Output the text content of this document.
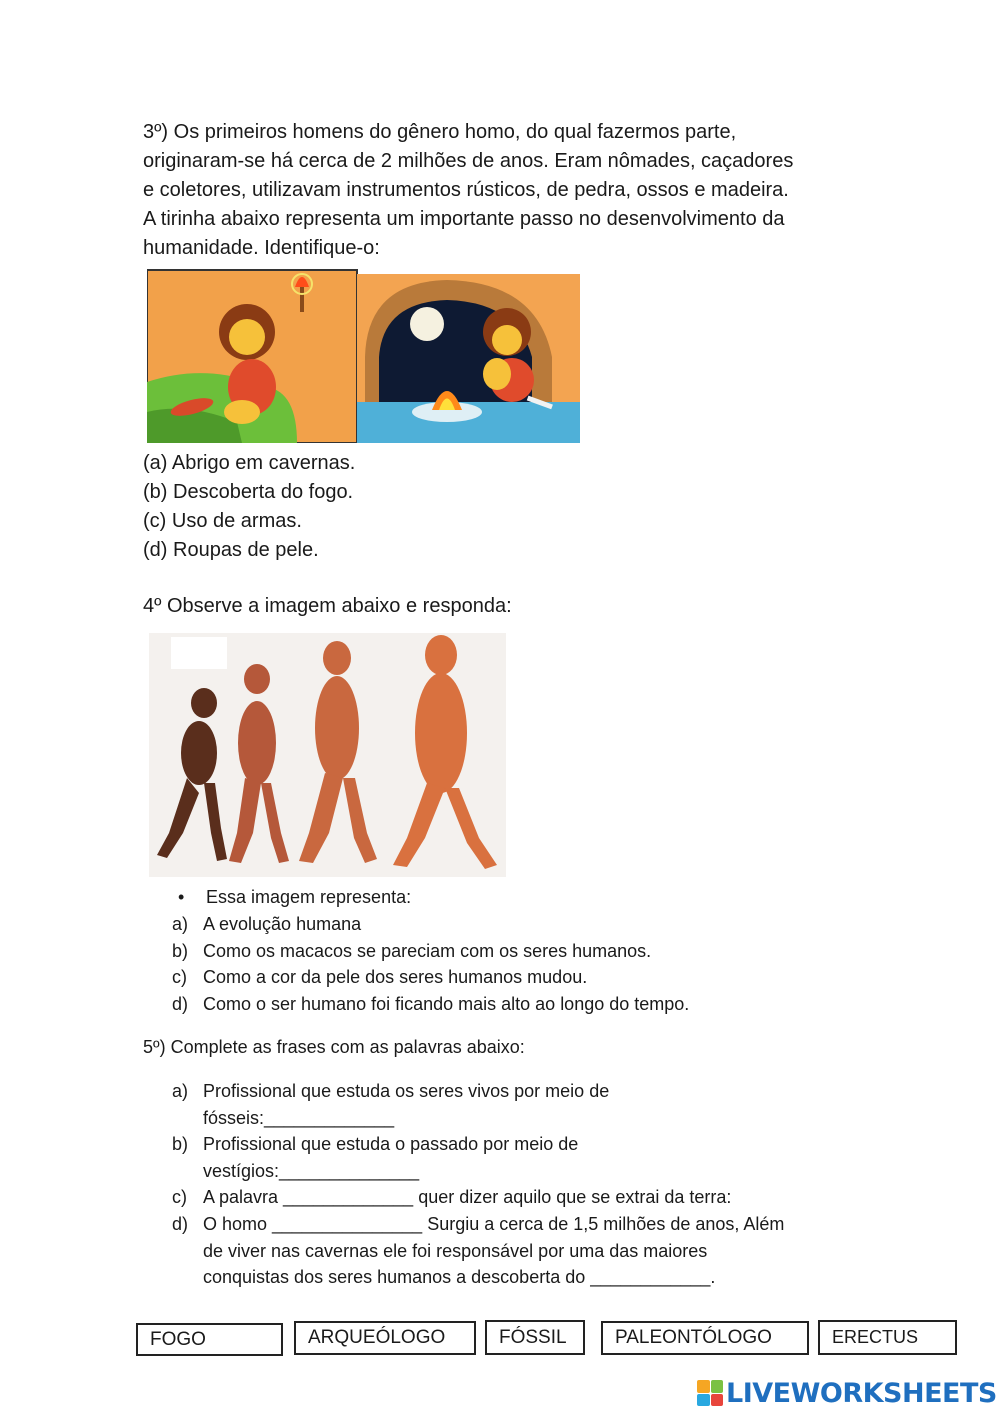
3º) Os primeiros homens do gênero homo, do qual fazermos parte,

originaram-se há cerca de 2 milhões de anos. Eram nômades, caçadores

e coletores, utilizavam instrumentos rústicos, de pedra, ossos e madeira.

A tirinha abaixo representa um importante passo no desenvolvimento da

humanidade. Identifique-o:

(a) Abrigo em cavernas.
(b) Descoberta do fogo.
(c) Uso de armas.
(d) Roupas de pele.
4º Observe a imagem abaixo e responda:
•	Essa imagem representa:
a) A evolução humana
b) Como os macacos se pareciam com os seres humanos.
c) Como a cor da pele dos seres humanos mudou.
d) Como o ser humano foi ficando mais alto ao longo do tempo.
5º) Complete as frases com as palavras abaixo:
a) Profissional que estuda os seres vivos por meio de
fósseis:_____________
b) Profissional que estuda o passado por meio de
vestígios:______________
c) A palavra _____________ quer dizer aquilo que se extrai da terra:
d) O homo _______________ Surgiu a cerca de 1,5 milhões de anos, Além
de viver nas cavernas ele foi responsável por uma das maiores
conquistas dos seres humanos a descoberta do ____________.
FOGO	ARQUEÓLOGO	FÓSSIL	PALEONTÓLOGO	ERECTUS
LIVEWORKSHEETS
